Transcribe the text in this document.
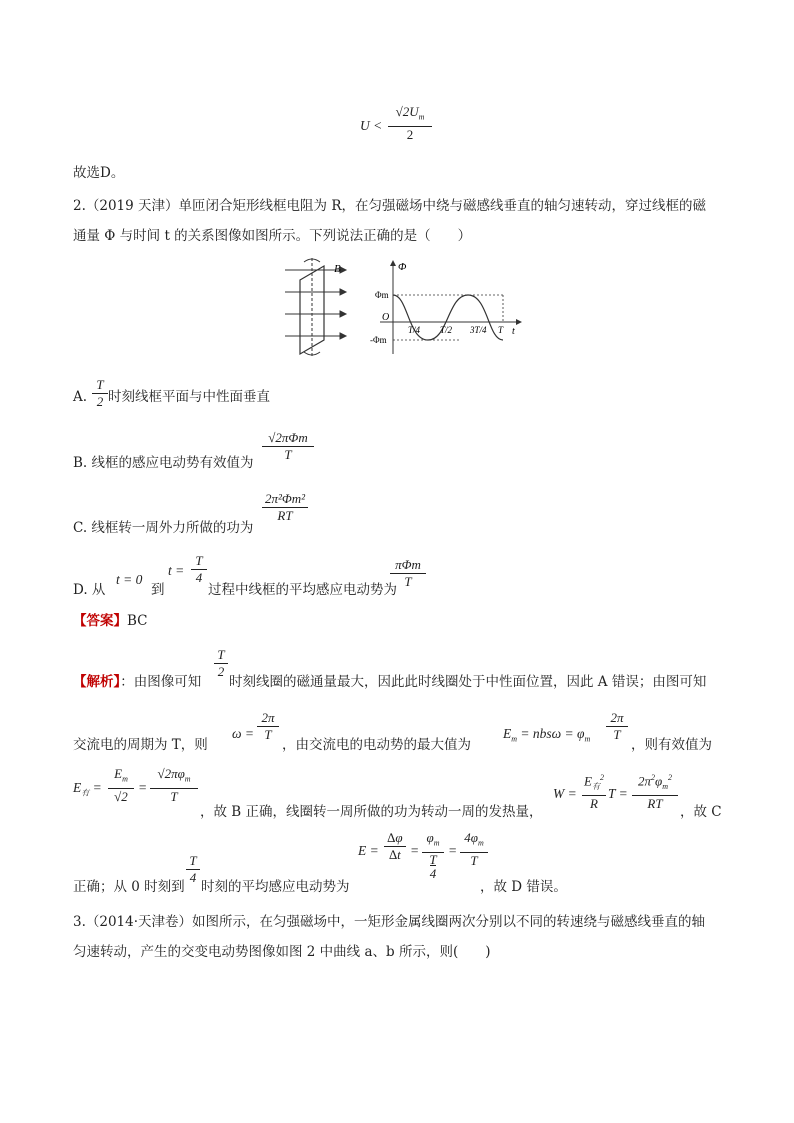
$U < \frac{√2U_m}{2}$
故选D。
2.（2019 天津）单匝闭合矩形线框电阻为 R，在匀强磁场中绕与磁感线垂直的轴匀速转动，穿过线框的磁
通量 Φ 与时间 t 的关系图像如图所示。下列说法正确的是（　　）
B	Φ
Φm
O
-Φm
T/4 T/2 3T/4 T t
A. $\frac{T}{2}$ 时刻线框平面与中性面垂直
B. 线框的感应电动势有效值为
√2πΦm
T
C. 线框转一周外力所做的功为
$\frac{\text{2π²Φm²}}{RT}$
D. 从
t = 0
到
$t = \frac{T}{4}$
过程中线框的平均感应电动势为
πΦm
T
【答案】BC
【解析】：由图像可知
$\frac{T}{2}$
时刻线圈的磁通量最大，因此此时线圈处于中性面位置，因此 A 错误；由图可知
交流电的周期为 T，则
$\omega = \frac{2\pi}{T}$
，由交流电的电动势的最大值为
$E_m = nbs\omega = \varphi_m \frac{2\pi}{T}$
，则有效值为
$E_有 = \frac{E_m}{√2}$ =
$√2\pi\varphi_m$
T
，故 B 正确，线圈转一周所做的功为转动一周的发热量，
W =
$E_有^2$
R
$T = \frac{2\pi^2\varphi_m^2}{RT}$
，故 C
$E = \frac{\Delta\varphi}{\Delta t}$ =
$\varphi_m$
T
4
= $\frac{4\varphi_m}{T}$
正确；从 0 时刻到
$\frac{T}{4}$
时刻的平均感应电动势为	，故 D 错误。
3.（2014·天津卷）如图所示，在匀强磁场中，一矩形金属线圈两次分别以不同的转速绕与磁感线垂直的轴
匀速转动，产生的交变电动势图像如图 2 中曲线 a、b 所示，则(　　)
